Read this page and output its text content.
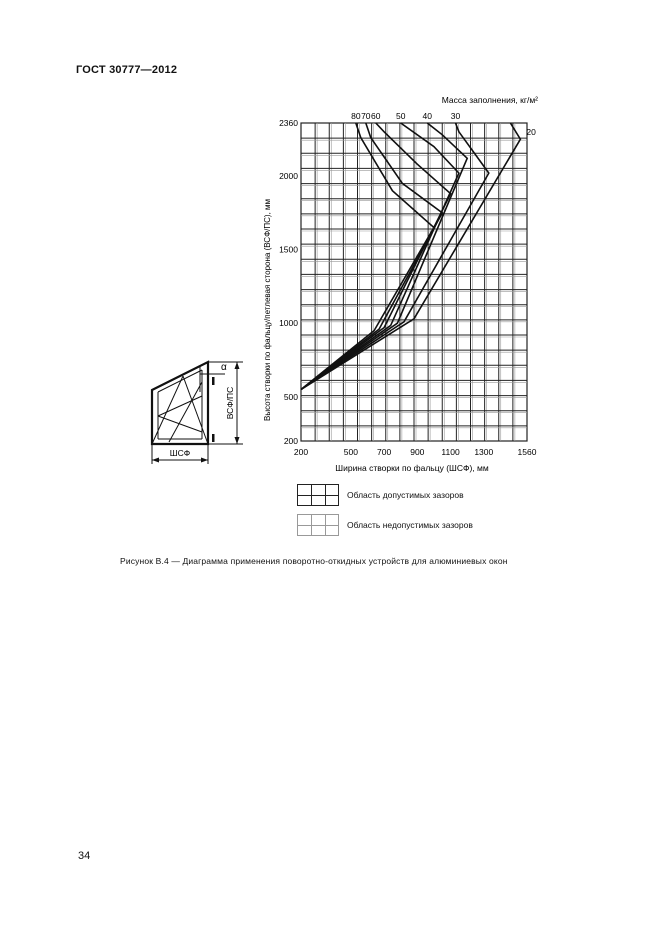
ГОСТ 30777—2012
α
ВСФ/ПС
ШСФ
80 70 60 50 40 30
20
200	500 700 900 1100 1300	1560
200
500
1000
1500
2000
2360
Ширина створки по фальцу (ШСФ), мм
Высота створки по фальцу/петлевая сторона (ВСФ/ПС), мм
Масса заполнения, кг/м²
Область допустимых зазоров
Область недопустимых зазоров
Рисунок В.4 — Диаграмма применения поворотно-откидных устройств для алюминиевых окон
34
